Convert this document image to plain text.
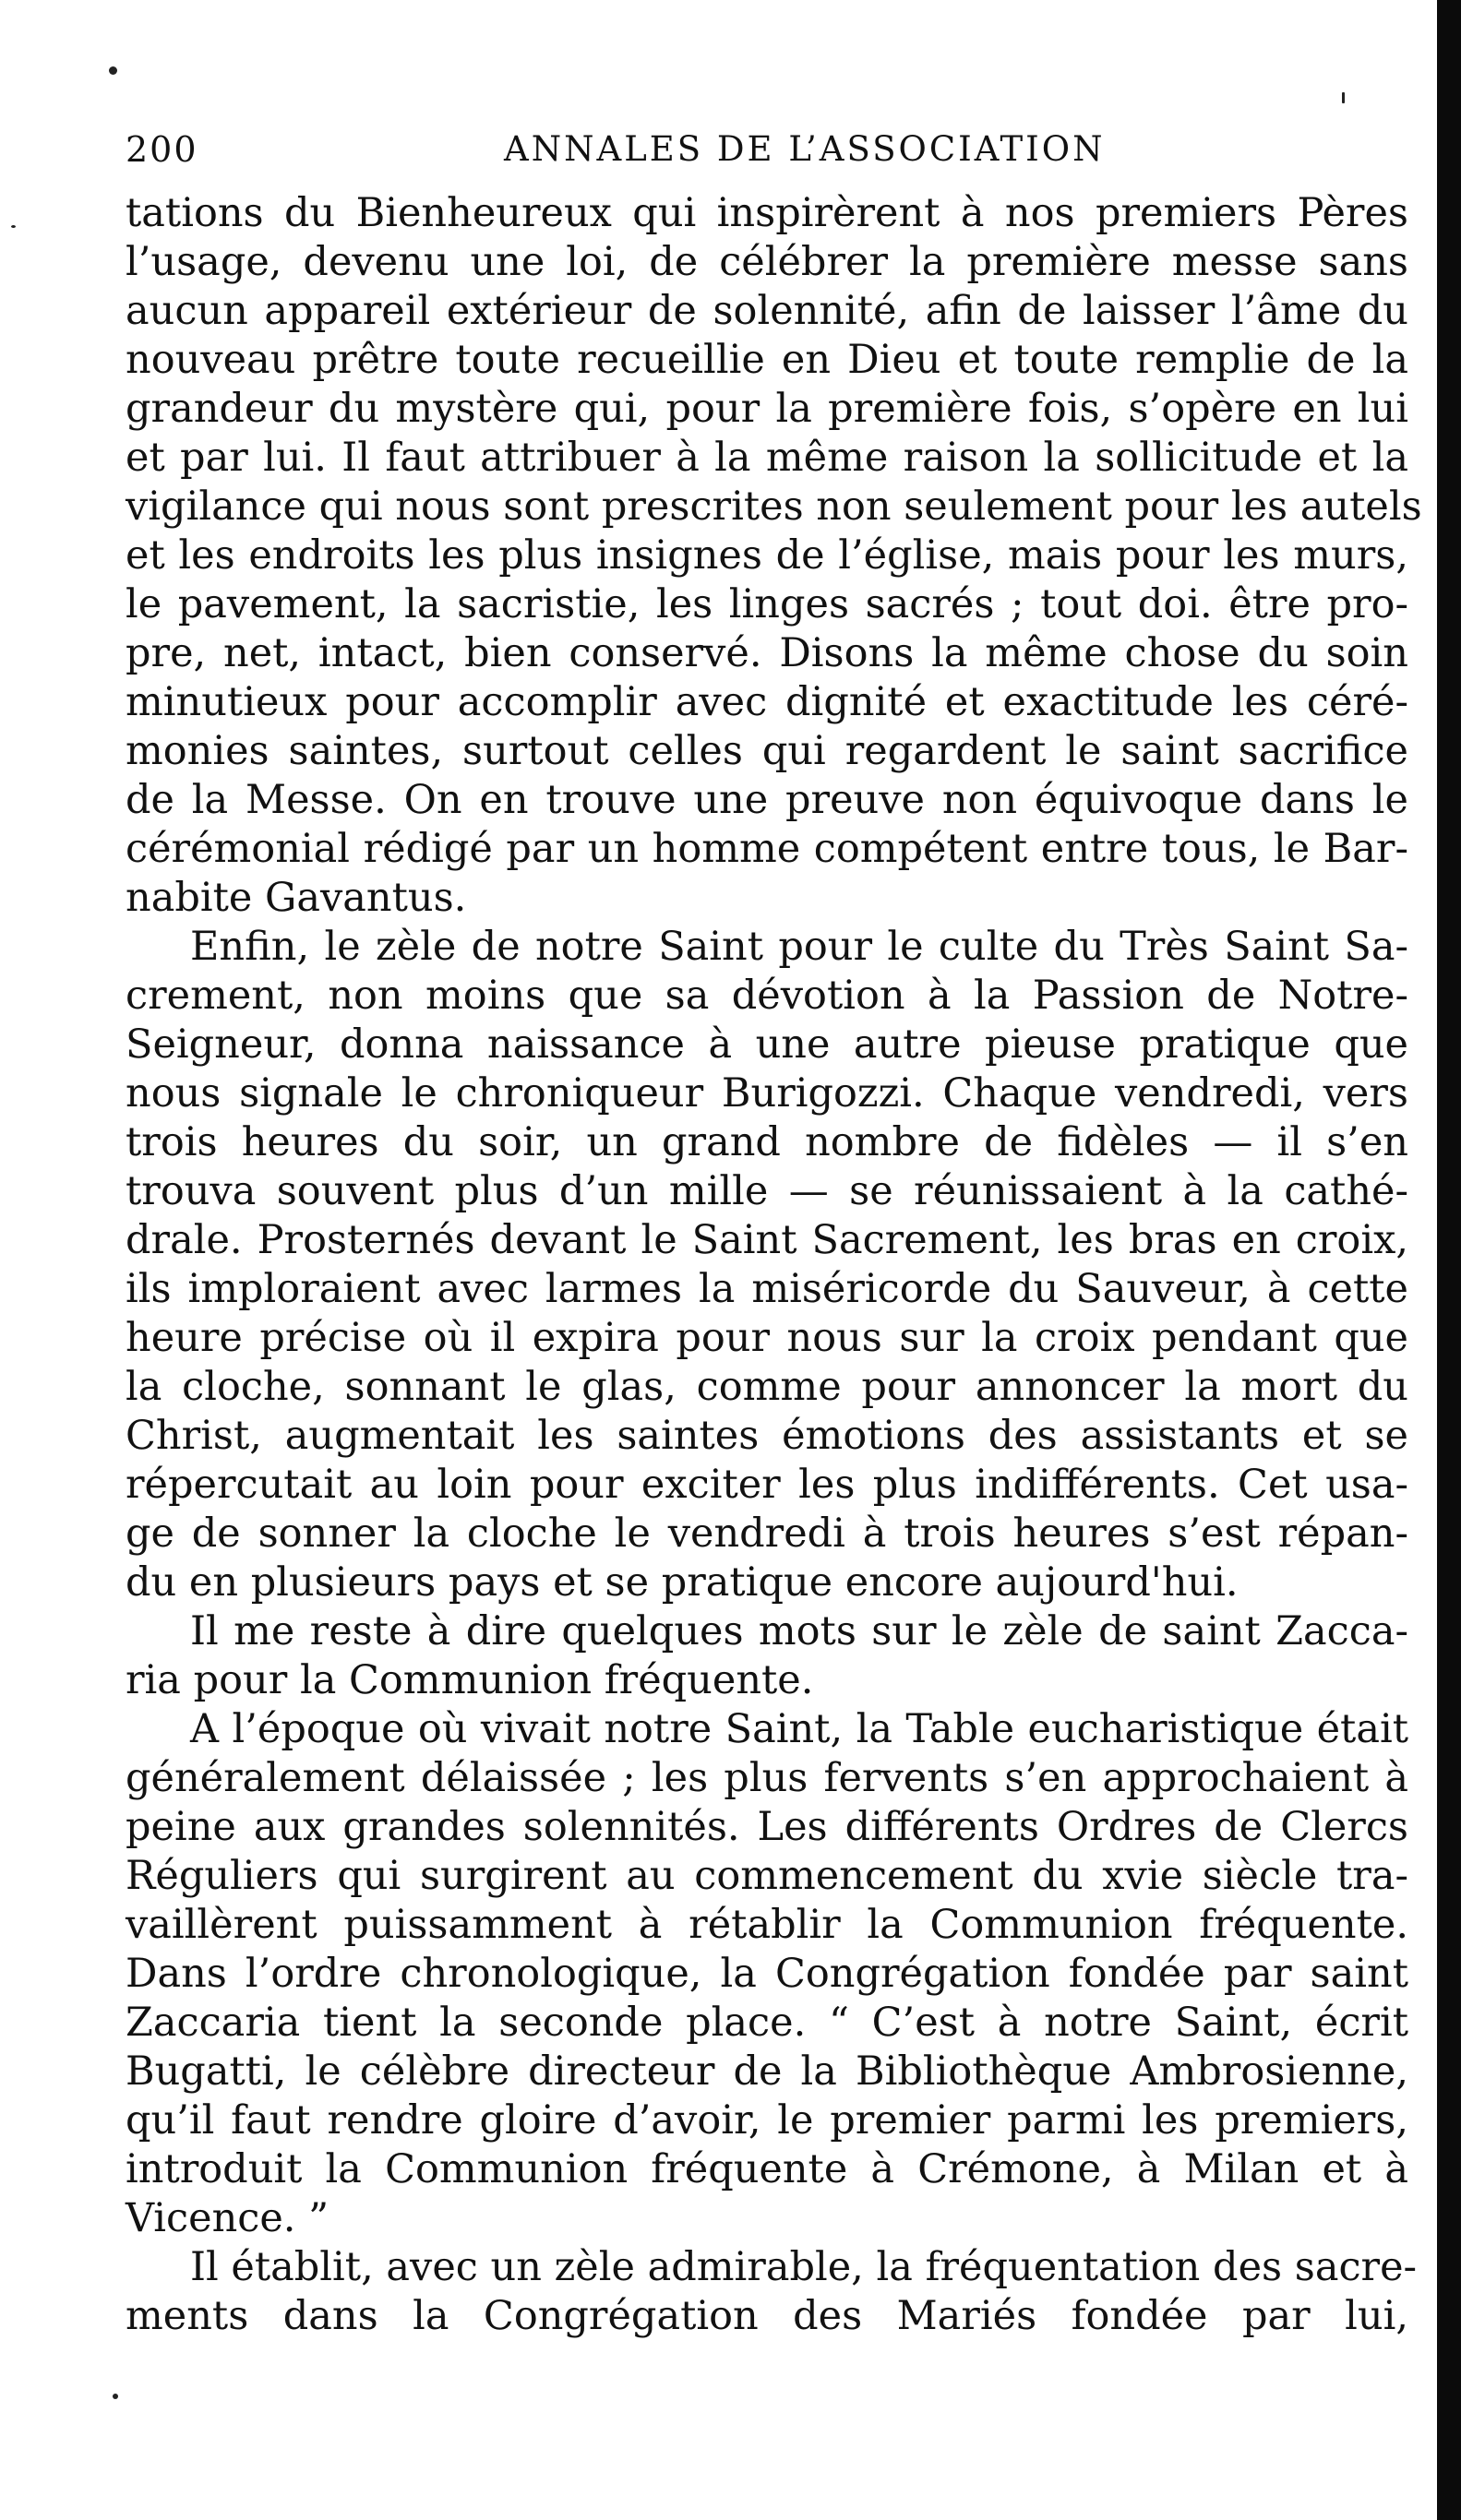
200	ANNALES DE L’ASSOCIATION
tations du Bienheureux qui inspirèrent à nos premiers Pères
l’usage, devenu une loi, de célébrer la première messe sans
aucun appareil extérieur de solennité, afin de laisser l’âme du
nouveau prêtre toute recueillie en Dieu et toute remplie de la
grandeur du mystère qui, pour la première fois, s’opère en lui
et par lui. Il faut attribuer à la même raison la sollicitude et la
vigilance qui nous sont prescrites non seulement pour les autels
et les endroits les plus insignes de l’église, mais pour les murs,
le pavement, la sacristie, les linges sacrés ; tout doi. être pro-
pre, net, intact, bien conservé. Disons la même chose du soin
minutieux pour accomplir avec dignité et exactitude les céré-
monies saintes, surtout celles qui regardent le saint sacrifice
de la Messe. On en trouve une preuve non équivoque dans le
cérémonial rédigé par un homme compétent entre tous, le Bar-
nabite Gavantus.
Enfin, le zèle de notre Saint pour le culte du Très Saint Sa-
crement, non moins que sa dévotion à la Passion de Notre-
Seigneur, donna naissance à une autre pieuse pratique que
nous signale le chroniqueur Burigozzi. Chaque vendredi, vers
trois heures du soir, un grand nombre de fidèles — il s’en
trouva souvent plus d’un mille — se réunissaient à la cathé-
drale. Prosternés devant le Saint Sacrement, les bras en croix,
ils imploraient avec larmes la miséricorde du Sauveur, à cette
heure précise où il expira pour nous sur la croix pendant que
la cloche, sonnant le glas, comme pour annoncer la mort du
Christ, augmentait les saintes émotions des assistants et se
répercutait au loin pour exciter les plus indifférents. Cet usa-
ge de sonner la cloche le vendredi à trois heures s’est répan-
du en plusieurs pays et se pratique encore aujourd'hui.
Il me reste à dire quelques mots sur le zèle de saint Zacca-
ria pour la Communion fréquente.
A l’époque où vivait notre Saint, la Table eucharistique était
généralement délaissée ; les plus fervents s’en approchaient à
peine aux grandes solennités. Les différents Ordres de Clercs
Réguliers qui surgirent au commencement du xvie siècle tra-
vaillèrent puissamment à rétablir la Communion fréquente.
Dans l’ordre chronologique, la Congrégation fondée par saint
Zaccaria tient la seconde place. “ C’est à notre Saint, écrit
Bugatti, le célèbre directeur de la Bibliothèque Ambrosienne,
qu’il faut rendre gloire d’avoir, le premier parmi les premiers,
introduit la Communion fréquente à Crémone, à Milan et à
Vicence. ”
Il établit, avec un zèle admirable, la fréquentation des sacre-
ments dans la Congrégation des Mariés fondée par lui,
